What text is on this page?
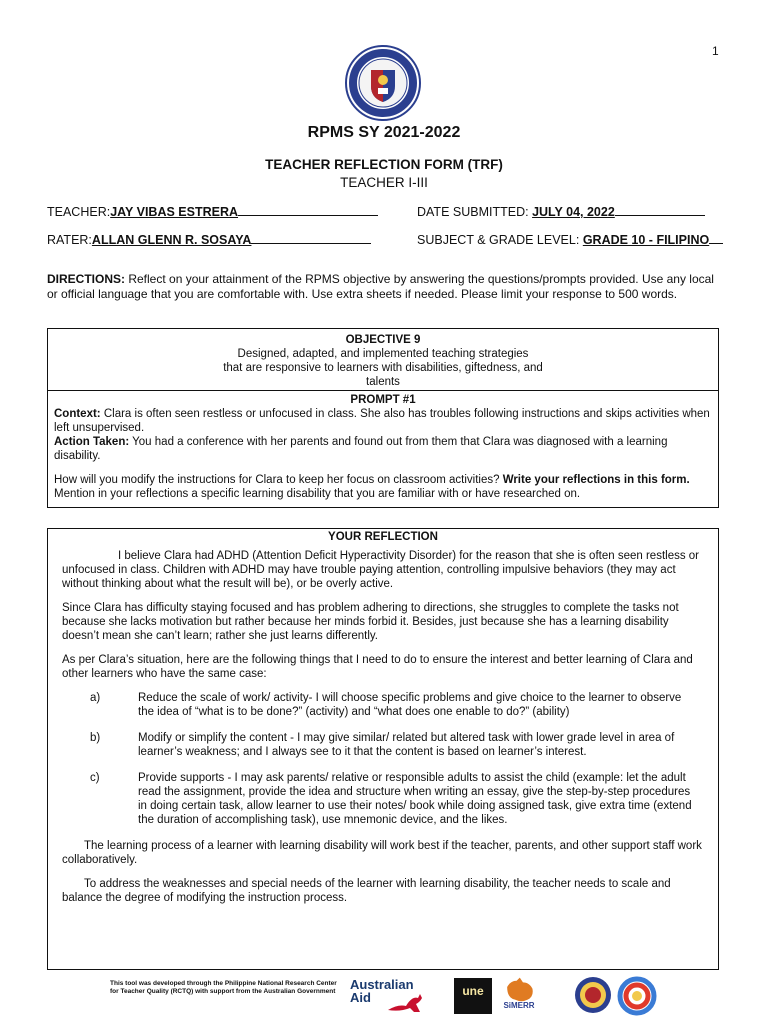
1
RPMS SY 2021-2022
TEACHER REFLECTION FORM (TRF)
TEACHER I-III
TEACHER:JAY VIBAS ESTRERA	DATE SUBMITTED: JULY 04, 2022
RATER:ALLAN GLENN R. SOSAYA	SUBJECT & GRADE LEVEL: GRADE 10 - FILIPINO
DIRECTIONS: Reflect on your attainment of the RPMS objective by answering the questions/prompts provided. Use any local or official language that you are comfortable with. Use extra sheets if needed. Please limit your response to 500 words.
OBJECTIVE 9
Designed, adapted, and implemented teaching strategies
that are responsive to learners with disabilities, giftedness, and
talents
PROMPT #1

Context: Clara is often seen restless or unfocused in class. She also has troubles following instructions and skips activities when left unsupervised.

Action Taken: You had a conference with her parents and found out from them that Clara was diagnosed with a learning disability.

How will you modify the instructions for Clara to keep her focus on classroom activities? Write your reflections in this form. Mention in your reflections a specific learning disability that you are familiar with or have researched on.

YOUR REFLECTION

I believe Clara had ADHD (Attention Deficit Hyperactivity Disorder) for the reason that she is often seen restless or unfocused in class. Children with ADHD may have trouble paying attention, controlling impulsive behaviors (they may act without thinking about what the result will be), or be overly active.

Since Clara has difficulty staying focused and has problem adhering to directions, she struggles to complete the tasks not because she lacks motivation but rather because her minds forbid it. Besides, just because she has a learning disability doesn’t mean she can’t learn; rather she just learns differently.

As per Clara’s situation, here are the following things that I need to do to ensure the interest and better learning of Clara and other learners who have the same case:

a)	Reduce the scale of work/ activity- I will choose specific problems and give choice to the learner to observe the idea of “what is to be done?” (activity) and “what does one enable to do?” (ability)
b)	Modify or simplify the content - I may give similar/ related but altered task with lower grade level in area of learner’s weakness; and I always see to it that the content is based on learner’s interest.
c)	Provide supports - I may ask parents/ relative or responsible adults to assist the child (example: let the adult read the assignment, provide the idea and structure when writing an essay, give the step-by-step procedures in doing certain task, allow learner to use their notes/ book while doing assigned task, give extra time (extend the duration of accomplishing task), use mnemonic device, and the likes.

The learning process of a learner with learning disability will work best if the teacher, parents, and other support staff work collaboratively.

To address the weaknesses and special needs of the learner with learning disability, the teacher needs to scale and balance the degree of modifying the instruction process.

This tool was developed through the Philippine National Research Center for Teacher Quality (RCTQ) with support from the Australian Government	Australian
Aid	une
SiMERR
